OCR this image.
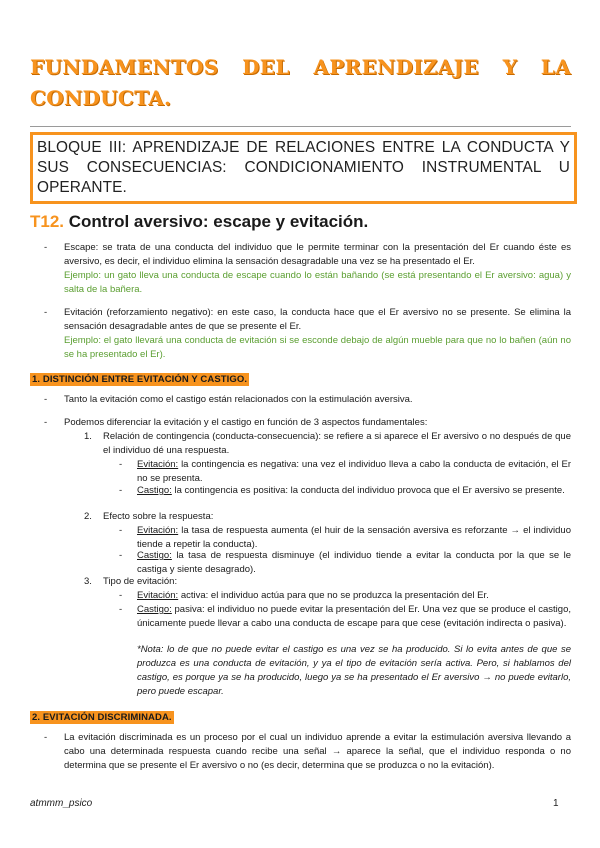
FUNDAMENTOS DEL APRENDIZAJE Y LA
CONDUCTA.

BLOQUE III: APRENDIZAJE DE RELACIONES ENTRE LA CONDUCTA Y SUS CONSECUENCIAS: CONDICIONAMIENTO INSTRUMENTAL U OPERANTE.

T12. Control aversivo: escape y evitación.
- Escape: se trata de una conducta del individuo que le permite terminar con la presentación del Er cuando éste es aversivo, es decir, el individuo elimina la sensación desagradable una vez se ha presentado el Er.
Ejemplo: un gato lleva una conducta de escape cuando lo están bañando (se está presentando el Er aversivo: agua) y salta de la bañera.
- Evitación (reforzamiento negativo): en este caso, la conducta hace que el Er aversivo no se presente. Se elimina la sensación desagradable antes de que se presente el Er.
Ejemplo: el gato llevará una conducta de evitación si se esconde debajo de algún mueble para que no lo bañen (aún no se ha presentado el Er).
1. DISTINCIÓN ENTRE EVITACIÓN Y CASTIGO.
- Tanto la evitación como el castigo están relacionados con la estimulación aversiva.
- Podemos diferenciar la evitación y el castigo en función de 3 aspectos fundamentales:
1. Relación de contingencia (conducta-consecuencia): se refiere a si aparece el Er aversivo o no después de que el individuo dé una respuesta.
- Evitación: la contingencia es negativa: una vez el individuo lleva a cabo la conducta de evitación, el Er no se presenta.
- Castigo: la contingencia es positiva: la conducta del individuo provoca que el Er aversivo se presente.
2. Efecto sobre la respuesta:
- Evitación: la tasa de respuesta aumenta (el huir de la sensación aversiva es reforzante → el individuo tiende a repetir la conducta).
- Castigo: la tasa de respuesta disminuye (el individuo tiende a evitar la conducta por la que se le castiga y siente desagrado).
3. Tipo de evitación:
- Evitación: activa: el individuo actúa para que no se produzca la presentación del Er.
- Castigo: pasiva: el individuo no puede evitar la presentación del Er. Una vez que se produce el castigo, únicamente puede llevar a cabo una conducta de escape para que cese (evitación indirecta o pasiva).
*Nota: lo de que no puede evitar el castigo es una vez se ha producido. Si lo evita antes de que se produzca es una conducta de evitación, y ya el tipo de evitación sería activa. Pero, si hablamos del castigo, es porque ya se ha producido, luego ya se ha presentado el Er aversivo → no puede evitarlo, pero puede escapar.
2. EVITACIÓN DISCRIMINADA.
- La evitación discriminada es un proceso por el cual un individuo aprende a evitar la estimulación aversiva llevando a cabo una determinada respuesta cuando recibe una señal → aparece la señal, que el individuo responda o no determina que se presente el Er aversivo o no (es decir, determina que se produzca o no la evitación).
atmmm_psico	1
